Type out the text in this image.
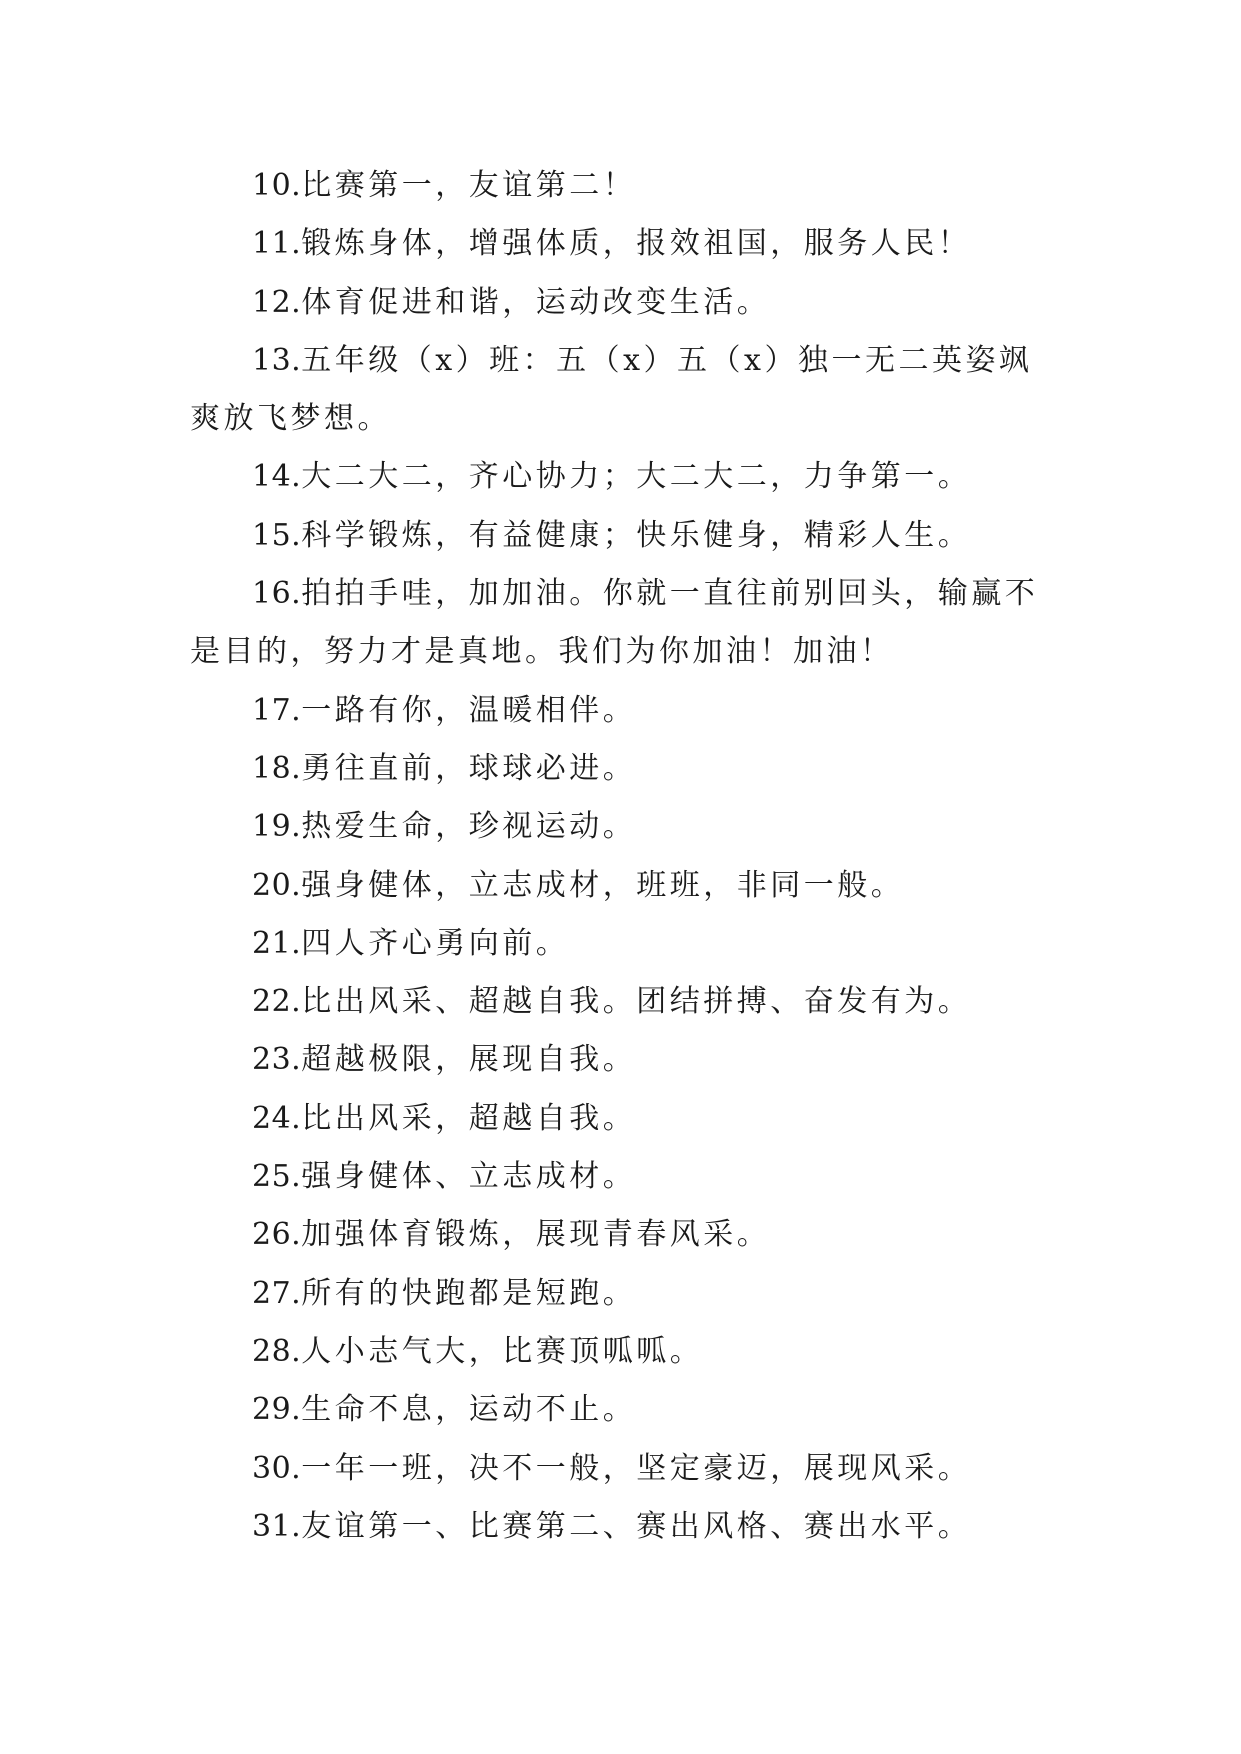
10.比赛第一，友谊第二！

11.锻炼身体，增强体质，报效祖国，服务人民！

12.体育促进和谐，运动改变生活。

13.五年级（x）班：五（x）五（x）独一无二英姿飒爽放飞梦想。

14.大二大二，齐心协力；大二大二，力争第一。

15.科学锻炼，有益健康；快乐健身，精彩人生。

16.拍拍手哇，加加油。你就一直往前别回头，输赢不是目的，努力才是真地。我们为你加油！加油！

17.一路有你，温暖相伴。

18.勇往直前，球球必进。

19.热爱生命，珍视运动。

20.强身健体，立志成材，班班，非同一般。

21.四人齐心勇向前。

22.比出风采、超越自我。团结拼搏、奋发有为。

23.超越极限，展现自我。

24.比出风采，超越自我。

25.强身健体、立志成材。

26.加强体育锻炼，展现青春风采。

27.所有的快跑都是短跑。

28.人小志气大，比赛顶呱呱。

29.生命不息，运动不止。

30.一年一班，决不一般，坚定豪迈，展现风采。

31.友谊第一、比赛第二、赛出风格、赛出水平。
